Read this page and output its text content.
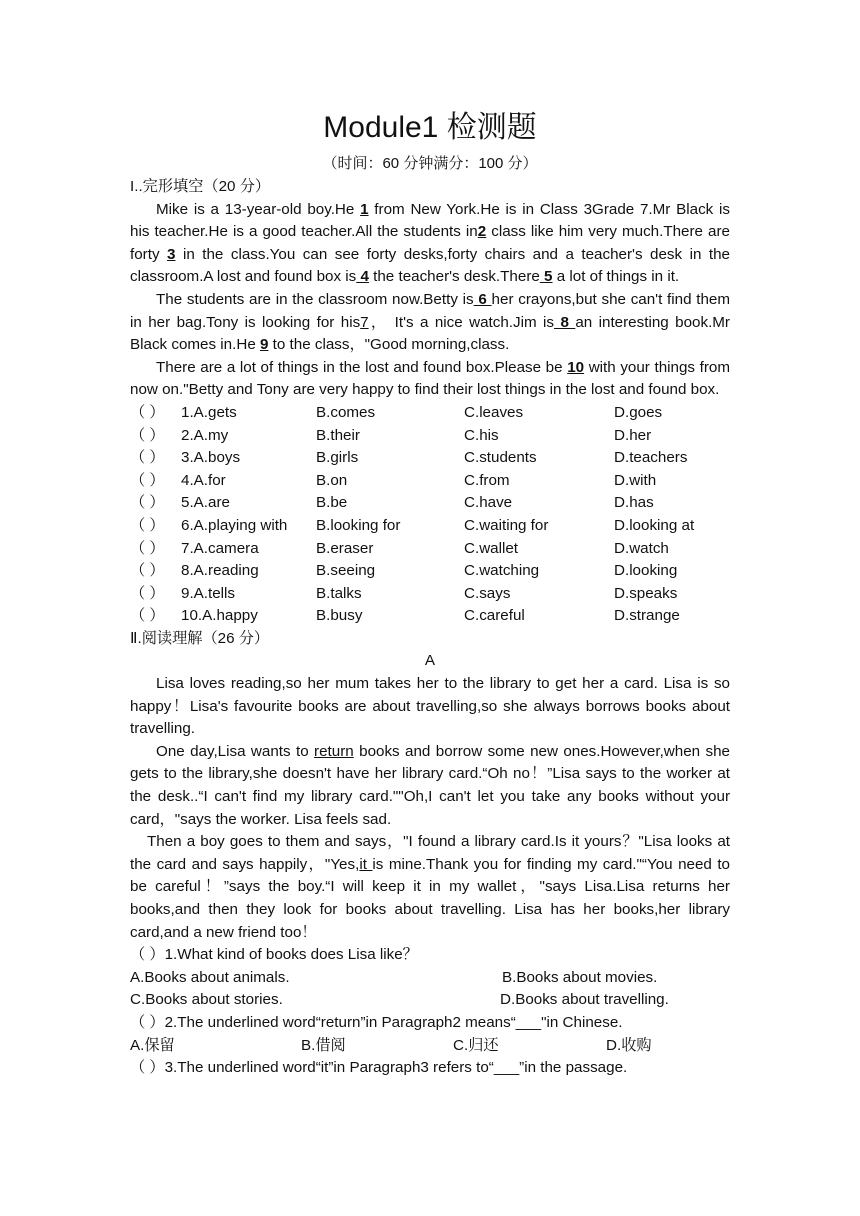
Module1 检测题
（时间：60 分钟满分：100 分）
I..完形填空（20 分）

Mike is a 13-year-old boy.He 1 from New York.He is in Class 3Grade 7.Mr Black is his teacher.He is a good teacher.All the students in2 class like him very much.There are forty 3 in the class.You can see forty desks,forty chairs and a teacher's desk in the classroom.A lost and found box is 4 the teacher's desk.There 5 a lot of things in it.

The students are in the classroom now.Betty is 6 her crayons,but she can't find them in her bag.Tony is looking for his7， It's a nice watch.Jim is 8 an interesting book.Mr Black comes in.He 9 to the class，"Good morning,class.

There are a lot of things in the lost and found box.Please be 10 with your things from now on."Betty and Tony are very happy to find their lost things in the lost and found box.

（ ）	1.A.gets	B.comes	C.leaves	D.goes
（ ）	2.A.my	B.their	C.his	D.her
（ ）	3.A.boys	B.girls	C.students	D.teachers
（ ）	4.A.for	B.on	C.from	D.with
（ ）	5.A.are	B.be	C.have	D.has
（ ）	6.A.playing with	B.looking for	C.waiting for	D.looking at
（ ）	7.A.camera	B.eraser	C.wallet	D.watch
（ ）	8.A.reading	B.seeing	C.watching	D.looking
（ ）	9.A.tells	B.talks	C.says	D.speaks
（ ）	10.A.happy	B.busy	C.careful	D.strange
Ⅱ.阅读理解（26 分）
A

Lisa loves reading,so her mum takes her to the library to get her a card. Lisa is so happy！Lisa's favourite books are about travelling,so she always borrows books about travelling.

One day,Lisa wants to return books and borrow some new ones.However,when she gets to the library,she doesn't have her library card.“Oh no！”Lisa says to the worker at the desk..“I can't find my library card.""Oh,I can't let you take any books without your card，"says the worker. Lisa feels sad.

Then a boy goes to them and says，"I found a library card.Is it yours？"Lisa looks at the card and says happily，"Yes,it is mine.Thank you for finding my card."“You need to be careful！”says the boy.“I will keep it in my wallet，"says Lisa.Lisa returns her books,and then they look for books about travelling. Lisa has her books,her library card,and a new friend too！

（ ）1.What kind of books does Lisa like？
A.Books about animals.	B.Books about movies.
C.Books about stories.	D.Books about travelling.
（ ）2.The underlined word“return”in Paragraph2 means“___"in Chinese.
A.保留	B.借阅	C.归还	D.收购
（ ）3.The underlined word“it”in Paragraph3 refers to“___”in the passage.
